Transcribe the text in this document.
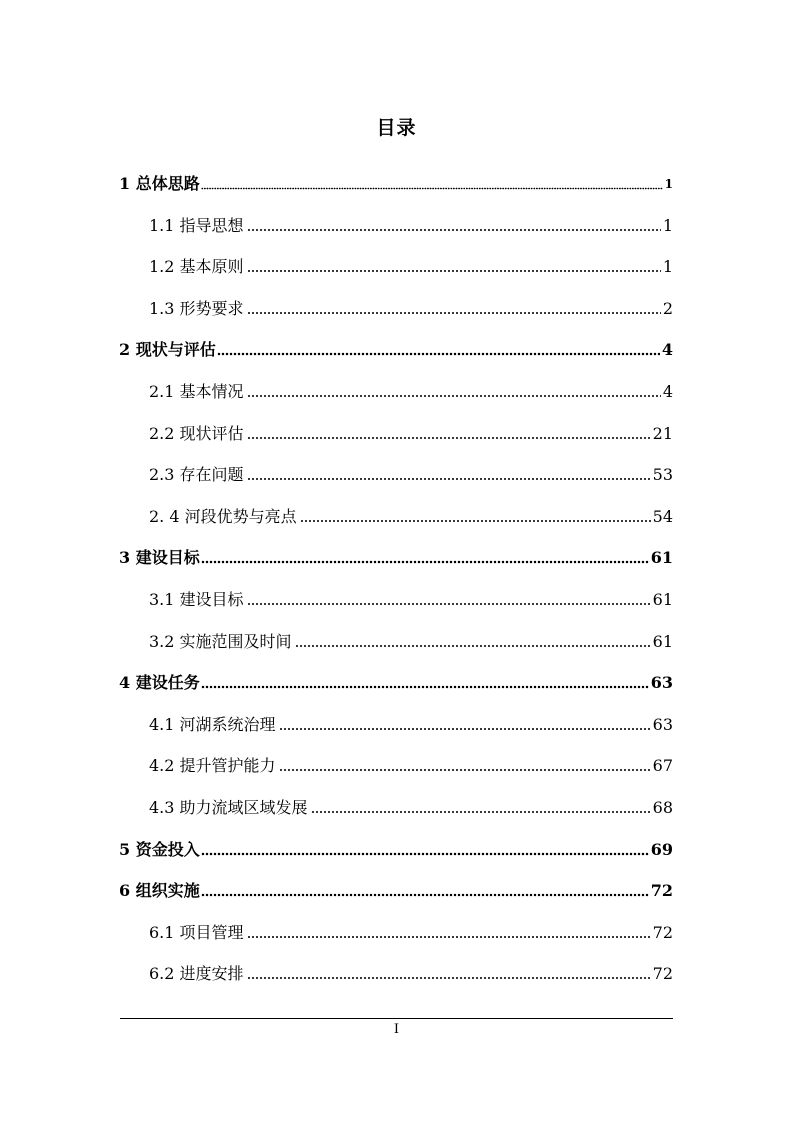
目录
1 总体思路	1
1.1 指导思想	1
1.2 基本原则	1
1.3 形势要求	2
2 现状与评估	4
2.1 基本情况	4
2.2 现状评估	21
2.3 存在问题	53
2. 4 河段优势与亮点	54
3 建设目标	61
3.1 建设目标	61
3.2 实施范围及时间	61
4 建设任务	63
4.1 河湖系统治理	63
4.2 提升管护能力	67
4.3 助力流域区域发展	68
5 资金投入	69
6 组织实施	72
6.1 项目管理	72
6.2 进度安排	72
I
